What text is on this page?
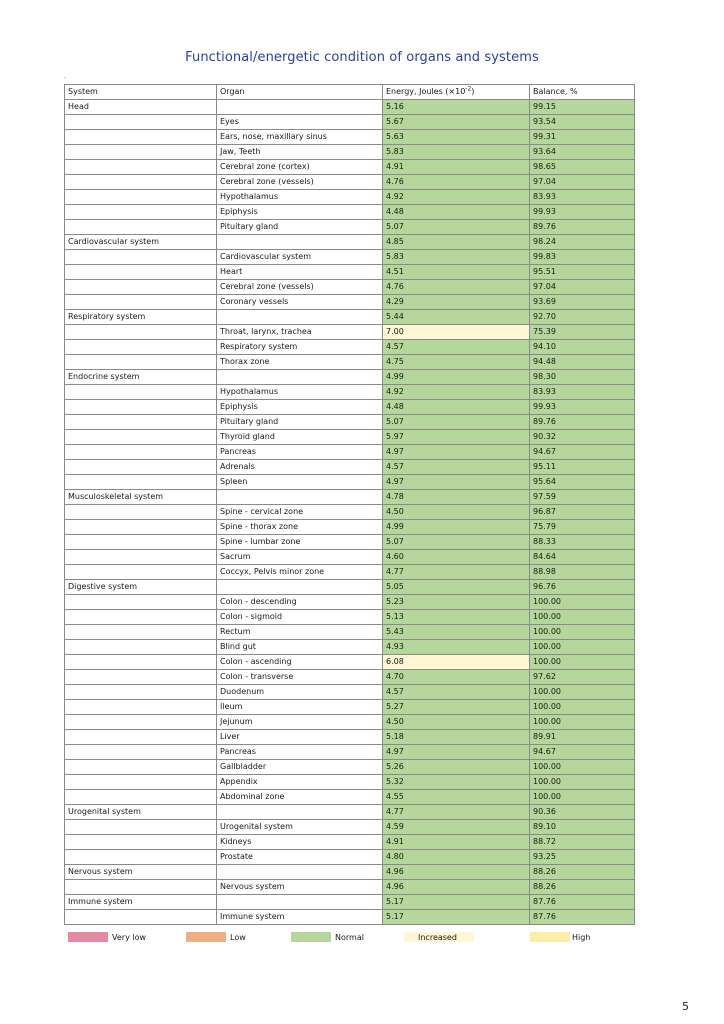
Functional/energetic condition of organs and systems
.
System	Organ	Energy, Joules $(\times 10^{-2})$	Balance, %
Head		5.16	99.15
	Eyes	5.67	93.54
	Ears, nose, maxillary sinus	5.63	99.31
	Jaw, Teeth	5.83	93.64
	Cerebral zone (cortex)	4.91	98.65
	Cerebral zone (vessels)	4.76	97.04
	Hypothalamus	4.92	83.93
	Epiphysis	4.48	99.93
	Pituitary gland	5.07	89.76
Cardiovascular system		4.85	98.24
	Cardiovascular system	5.83	99.83
	Heart	4.51	95.51
	Cerebral zone (vessels)	4.76	97.04
	Coronary vessels	4.29	93.69
Respiratory system		5.44	92.70
	Throat, larynx, trachea	7.00	75.39
	Respiratory system	4.57	94.10
	Thorax zone	4.75	94.48
Endocrine system		4.99	98.30
	Hypothalamus	4.92	83.93
	Epiphysis	4.48	99.93
	Pituitary gland	5.07	89.76
	Thyroid gland	5.97	90.32
	Pancreas	4.97	94.67
	Adrenals	4.57	95.11
	Spleen	4.97	95.64
Musculoskeletal system		4.78	97.59
	Spine - cervical zone	4.50	96.87
	Spine - thorax zone	4.99	75.79
	Spine - lumbar zone	5.07	88.33
	Sacrum	4.60	84.64
	Coccyx, Pelvis minor zone	4.77	88.98
Digestive system		5.05	96.76
	Colon - descending	5.23	100.00
	Colon - sigmoid	5.13	100.00
	Rectum	5.43	100.00
	Blind gut	4.93	100.00
	Colon - ascending	6.08	100.00
	Colon - transverse	4.70	97.62
	Duodenum	4.57	100.00
	Ileum	5.27	100.00
	Jejunum	4.50	100.00
	Liver	5.18	89.91
	Pancreas	4.97	94.67
	Gallbladder	5.26	100.00
	Appendix	5.32	100.00
	Abdominal zone	4.55	100.00
Urogenital system		4.77	90.36
	Urogenital system	4.59	89.10
	Kidneys	4.91	88.72
	Prostate	4.80	93.25
Nervous system		4.96	88.26
	Nervous system	4.96	88.26
Immune system		5.17	87.76
	Immune system	5.17	87.76
Very low	Low	Normal	Increased	High
5
